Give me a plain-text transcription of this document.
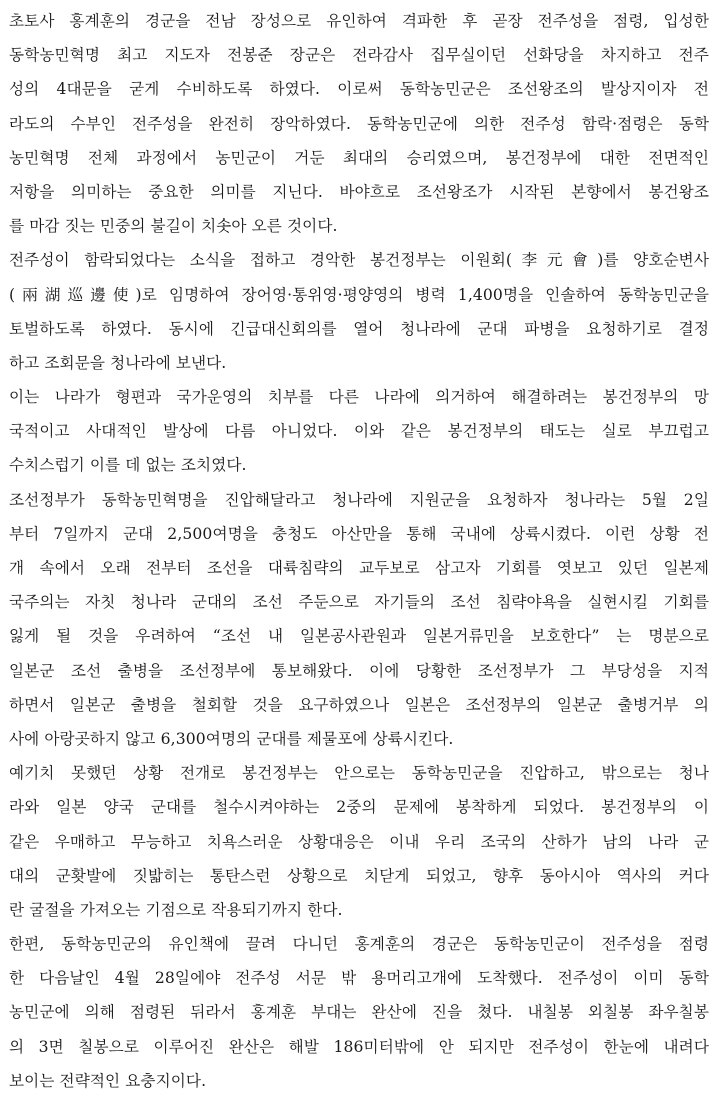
초토사 홍계훈의 경군을 전남 장성으로 유인하여 격파한 후 곧장 전주성을 점령, 입성한
동학농민혁명 최고 지도자 전봉준 장군은 전라감사 집무실이던 선화당을 차지하고 전주
성의 4대문을 굳게 수비하도록 하였다. 이로써 동학농민군은 조선왕조의 발상지이자 전
라도의 수부인 전주성을 완전히 장악하였다. 동학농민군에 의한 전주성 함락·점령은 동학
농민혁명 전체 과정에서 농민군이 거둔 최대의 승리였으며, 봉건정부에 대한 전면적인
저항을 의미하는 중요한 의미를 지닌다. 바야흐로 조선왕조가 시작된 본향에서 봉건왕조
를 마감 짓는 민중의 불길이 치솟아 오른 것이다.
전주성이 함락되었다는 소식을 접하고 경악한 봉건정부는 이원회(李元會)를 양호순변사
(兩湖巡邊使)로 임명하여 장어영·통위영·평양영의 병력 1,400명을 인솔하여 동학농민군을
토벌하도록 하였다. 동시에 긴급대신회의를 열어 청나라에 군대 파병을 요청하기로 결정
하고 조회문을 청나라에 보낸다.
이는 나라가 형편과 국가운영의 치부를 다른 나라에 의거하여 해결하려는 봉건정부의 망
국적이고 사대적인 발상에 다름 아니었다. 이와 같은 봉건정부의 태도는 실로 부끄럽고
수치스럽기 이를 데 없는 조치였다.
조선정부가 동학농민혁명을 진압해달라고 청나라에 지원군을 요청하자 청나라는 5월 2일
부터 7일까지 군대 2,500여명을 충청도 아산만을 통해 국내에 상륙시켰다. 이런 상황 전
개 속에서 오래 전부터 조선을 대륙침략의 교두보로 삼고자 기회를 엿보고 있던 일본제
국주의는 자칫 청나라 군대의 조선 주둔으로 자기들의 조선 침략야욕을 실현시킬 기회를
잃게 될 것을 우려하여 “조선 내 일본공사관원과 일본거류민을 보호한다” 는 명분으로
일본군 조선 출병을 조선정부에 통보해왔다. 이에 당황한 조선정부가 그 부당성을 지적
하면서 일본군 출병을 철회할 것을 요구하였으나 일본은 조선정부의 일본군 출병거부 의
사에 아랑곳하지 않고 6,300여명의 군대를 제물포에 상륙시킨다.
예기치 못했던 상황 전개로 봉건정부는 안으로는 동학농민군을 진압하고, 밖으로는 청나
라와 일본 양국 군대를 철수시켜야하는 2중의 문제에 봉착하게 되었다. 봉건정부의 이
같은 우매하고 무능하고 치욕스러운 상황대응은 이내 우리 조국의 산하가 남의 나라 군
대의 군홧발에 짓밟히는 통탄스런 상황으로 치닫게 되었고, 향후 동아시아 역사의 커다
란 굴절을 가져오는 기점으로 작용되기까지 한다.
한편, 동학농민군의 유인책에 끌려 다니던 홍계훈의 경군은 동학농민군이 전주성을 점령
한 다음날인 4월 28일에야 전주성 서문 밖 용머리고개에 도착했다. 전주성이 이미 동학
농민군에 의해 점령된 뒤라서 홍계훈 부대는 완산에 진을 쳤다. 내칠봉 외칠봉 좌우칠봉
의 3면 칠봉으로 이루어진 완산은 해발 186미터밖에 안 되지만 전주성이 한눈에 내려다
보이는 전략적인 요충지이다.
